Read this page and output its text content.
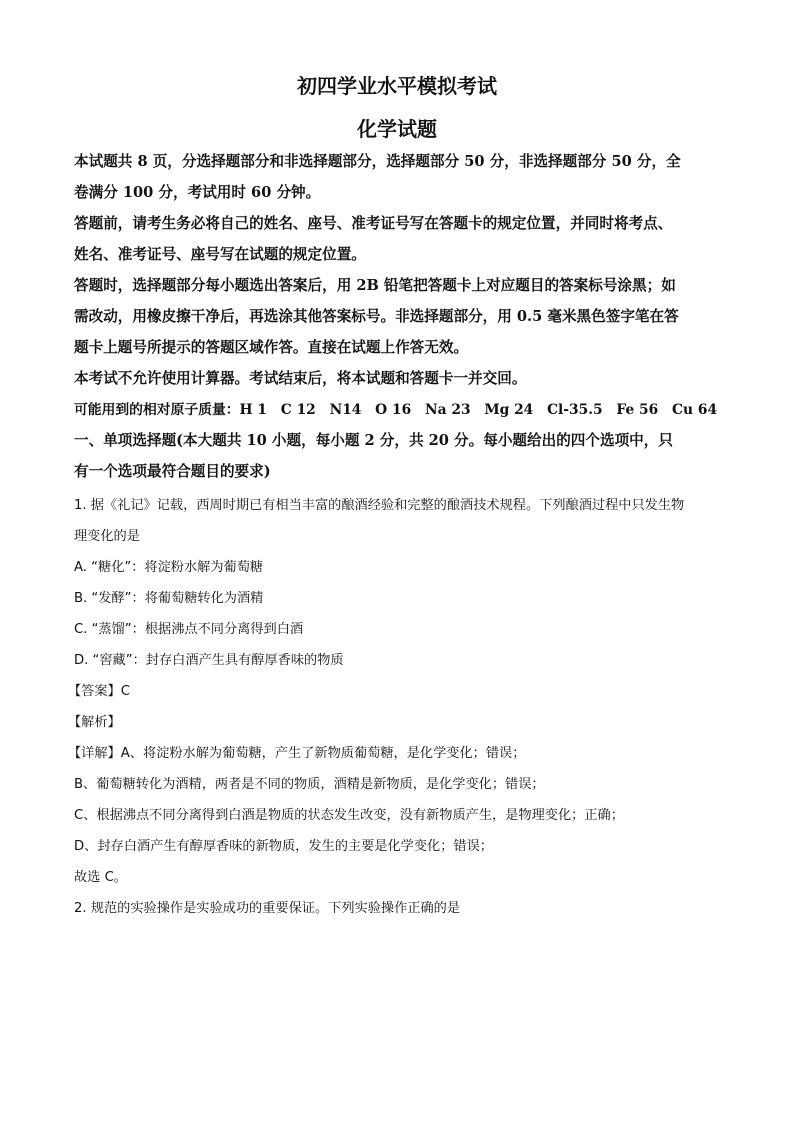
初四学业水平模拟考试
化学试题
本试题共 8 页，分选择题部分和非选择题部分，选择题部分 50 分，非选择题部分 50 分，全
卷满分 100 分，考试用时 60 分钟。
答题前，请考生务必将自己的姓名、座号、准考证号写在答题卡的规定位置，并同时将考点、
姓名、准考证号、座号写在试题的规定位置。
答题时，选择题部分每小题选出答案后，用 2B 铅笔把答题卡上对应题目的答案标号涂黑；如
需改动，用橡皮擦干净后，再选涂其他答案标号。非选择题部分，用 0.5 毫米黑色签字笔在答
题卡上题号所提示的答题区域作答。直接在试题上作答无效。
本考试不允许使用计算器。考试结束后，将本试题和答题卡一并交回。
可能用到的相对原子质量：H 1　C 12　N14　O 16　Na 23　Mg 24　Cl-35.5　Fe 56　Cu 64
一、单项选择题(本大题共 10 小题，每小题 2 分，共 20 分。每小题给出的四个选项中，只
有一个选项最符合题目的要求)
1. 据《礼记》记载，西周时期已有相当丰富的酿酒经验和完整的酿酒技术规程。下列酿酒过程中只发生物
理变化的是
A. “糖化”：将淀粉水解为葡萄糖
B. “发酵”：将葡萄糖转化为酒精
C. “蒸馏”：根据沸点不同分离得到白酒
D. “窖藏”：封存白酒产生具有醇厚香味的物质
【答案】C
【解析】
【详解】A、将淀粉水解为葡萄糖，产生了新物质葡萄糖，是化学变化；错误；
B、葡萄糖转化为酒精，两者是不同的物质，酒精是新物质，是化学变化；错误；
C、根据沸点不同分离得到白酒是物质的状态发生改变，没有新物质产生，是物理变化；正确；
D、封存白酒产生有醇厚香味的新物质，发生的主要是化学变化；错误；
故选 C。
2. 规范的实验操作是实验成功的重要保证。下列实验操作正确的是
